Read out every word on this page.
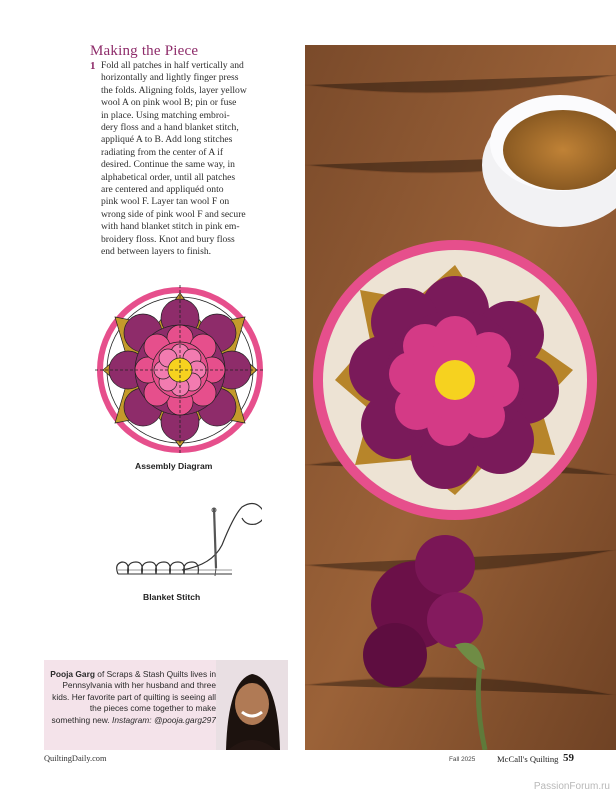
Making the Piece
1 Fold all patches in half vertically and
horizontally and lightly finger press
the folds. Aligning folds, layer yellow
wool A on pink wool B; pin or fuse
in place. Using matching embroi-
dery floss and a hand blanket stitch,
appliqué A to B. Add long stitches
radiating from the center of A if
desired. Continue the same way, in
alphabetical order, until all patches
are centered and appliquéd onto
pink wool F. Layer tan wool F on
wrong side of pink wool F and secure
with hand blanket stitch in pink em-
broidery floss. Knot and bury floss
end between layers to finish.
Assembly Diagram
Blanket Stitch
Pooja Garg of Scraps & Stash Quilts lives in Pennsylvania with her husband and three kids. Her favorite part of quilting is seeing all the pieces come together to make something new. Instagram: @pooja.garg297
QuiltingDaily.com	Fall 2025	McCall's Quilting 59
PassionForum.ru
